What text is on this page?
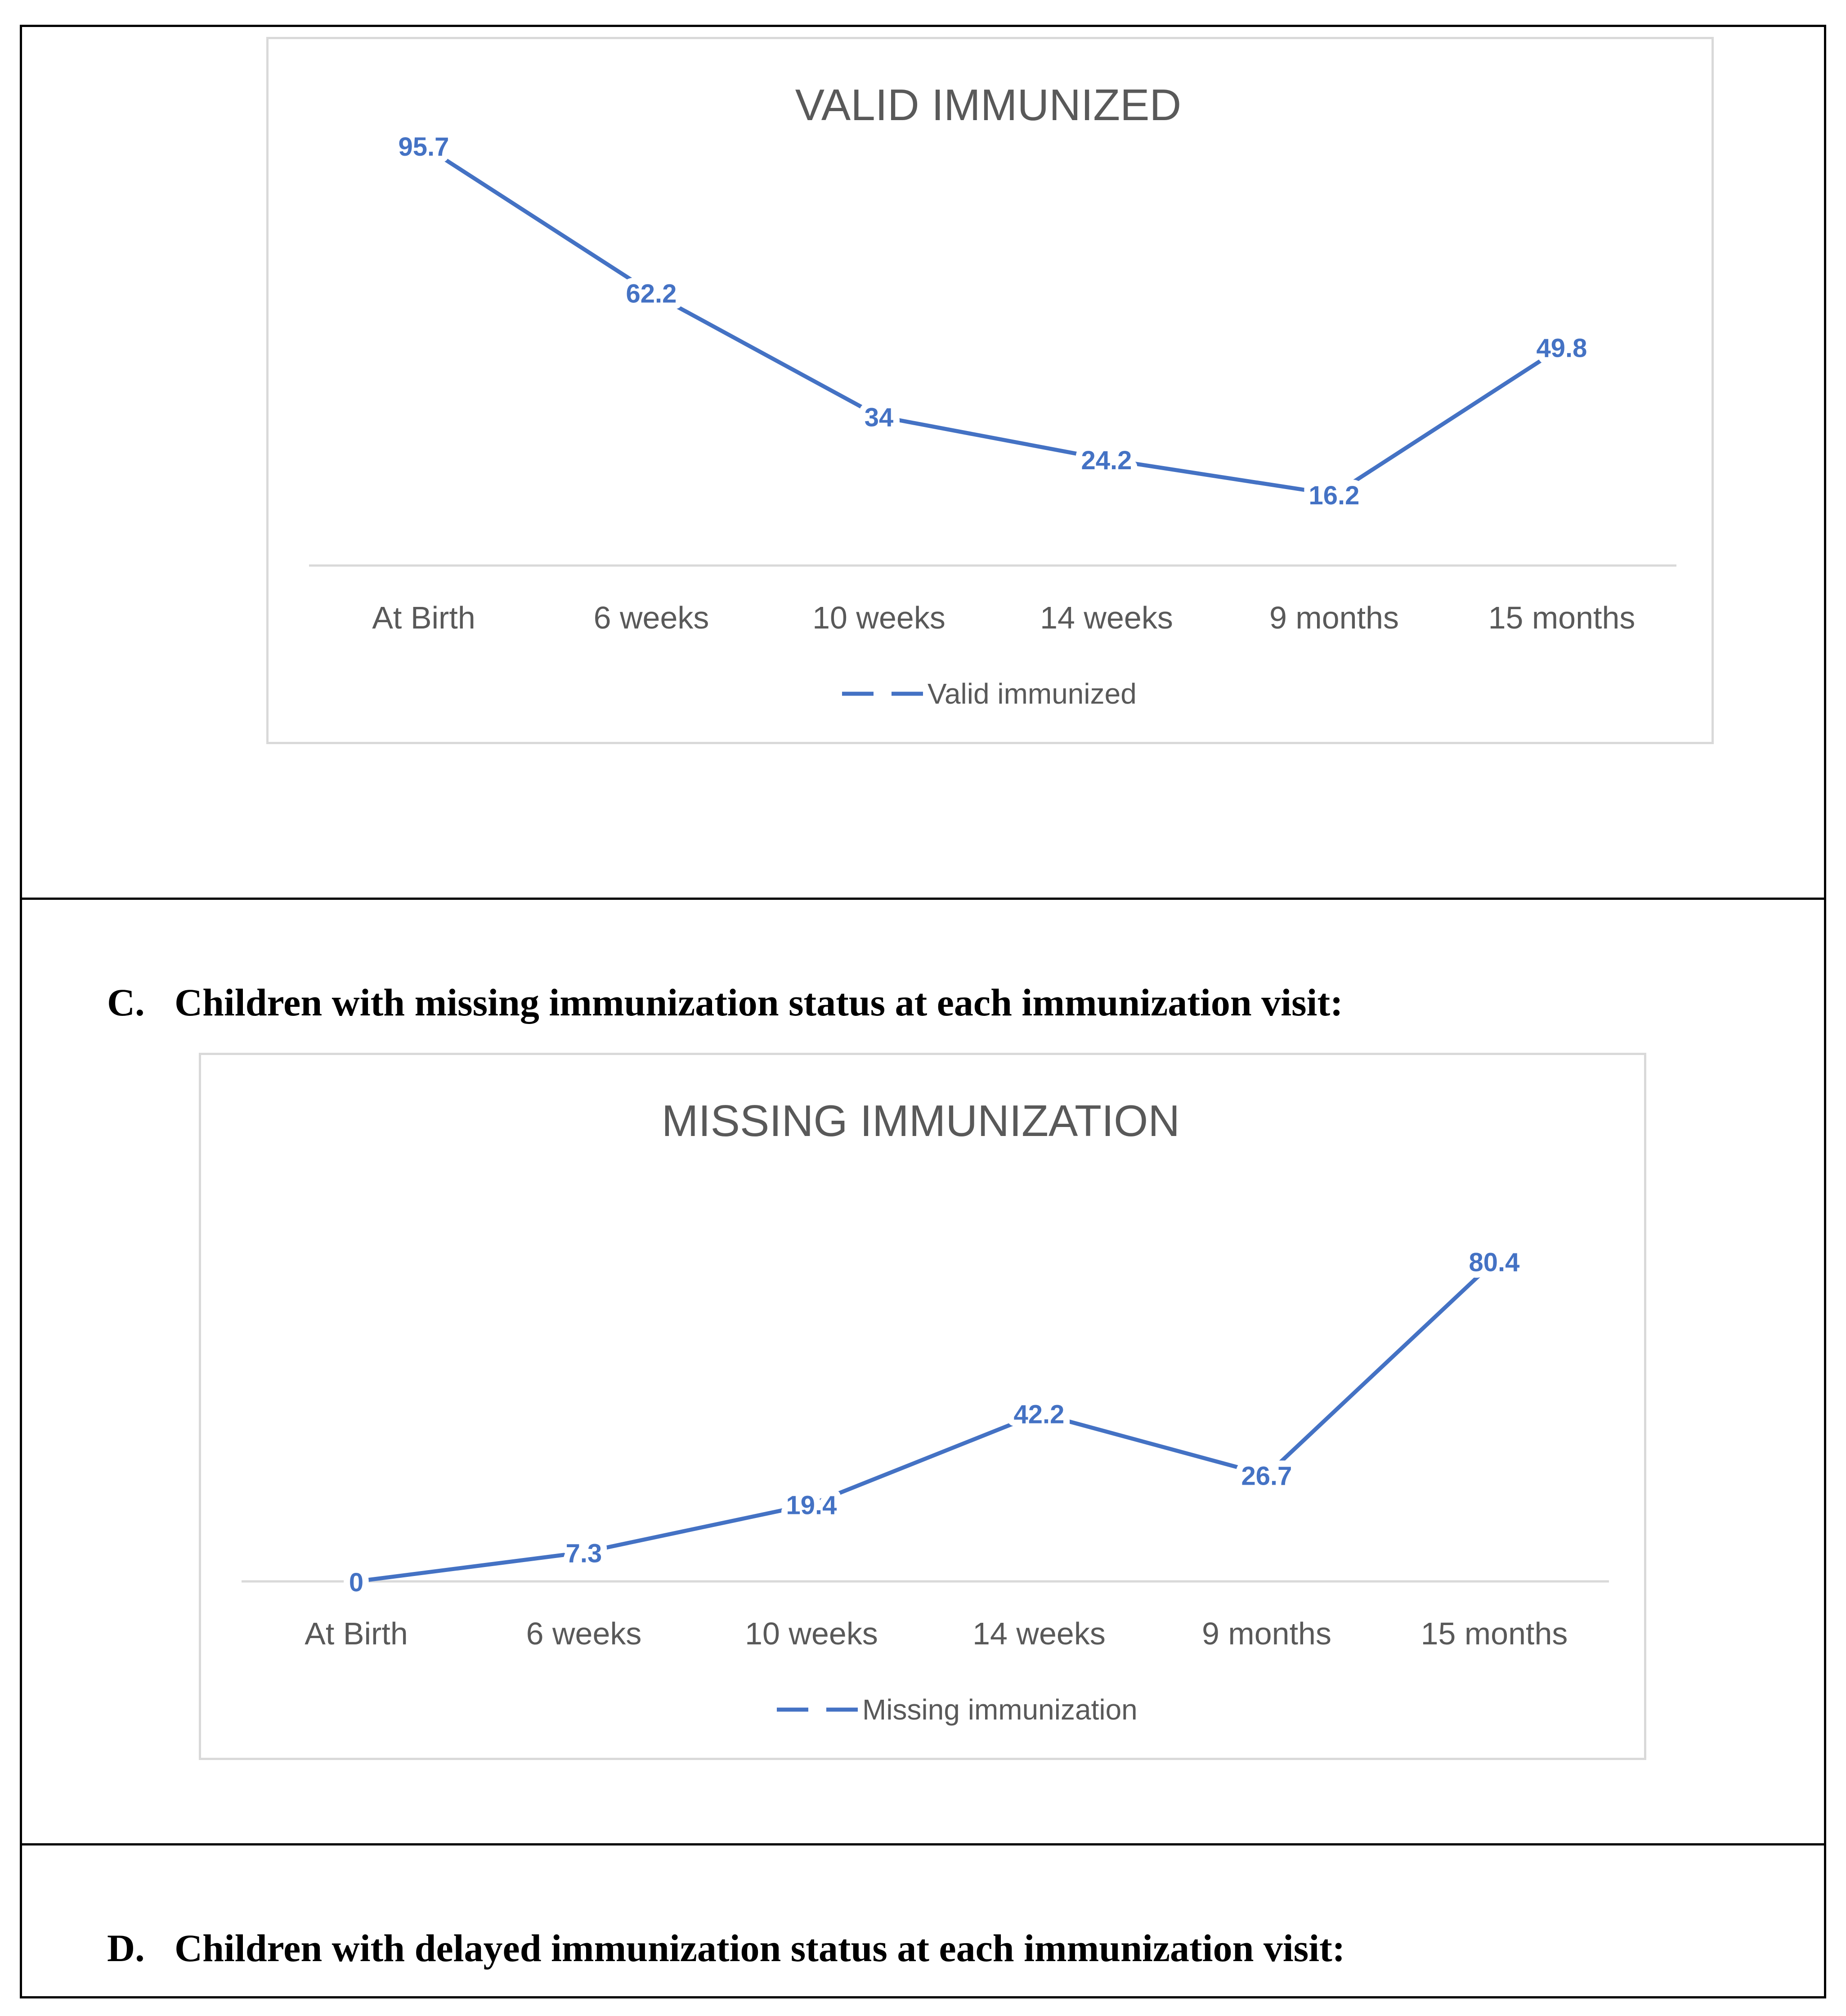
VALID IMMUNIZED
95.7
62.2
34
24.2
16.2
49.8
At Birth	6 weeks	10 weeks	14 weeks	9 months	15 months
Valid immunized
C. Children with missing immunization status at each immunization visit:
MISSING IMMUNIZATION
0
7.3
19.4
42.2
26.7
80.4
At Birth	6 weeks	10 weeks	14 weeks	9 months	15 months
Missing immunization
D. Children with delayed immunization status at each immunization visit:
